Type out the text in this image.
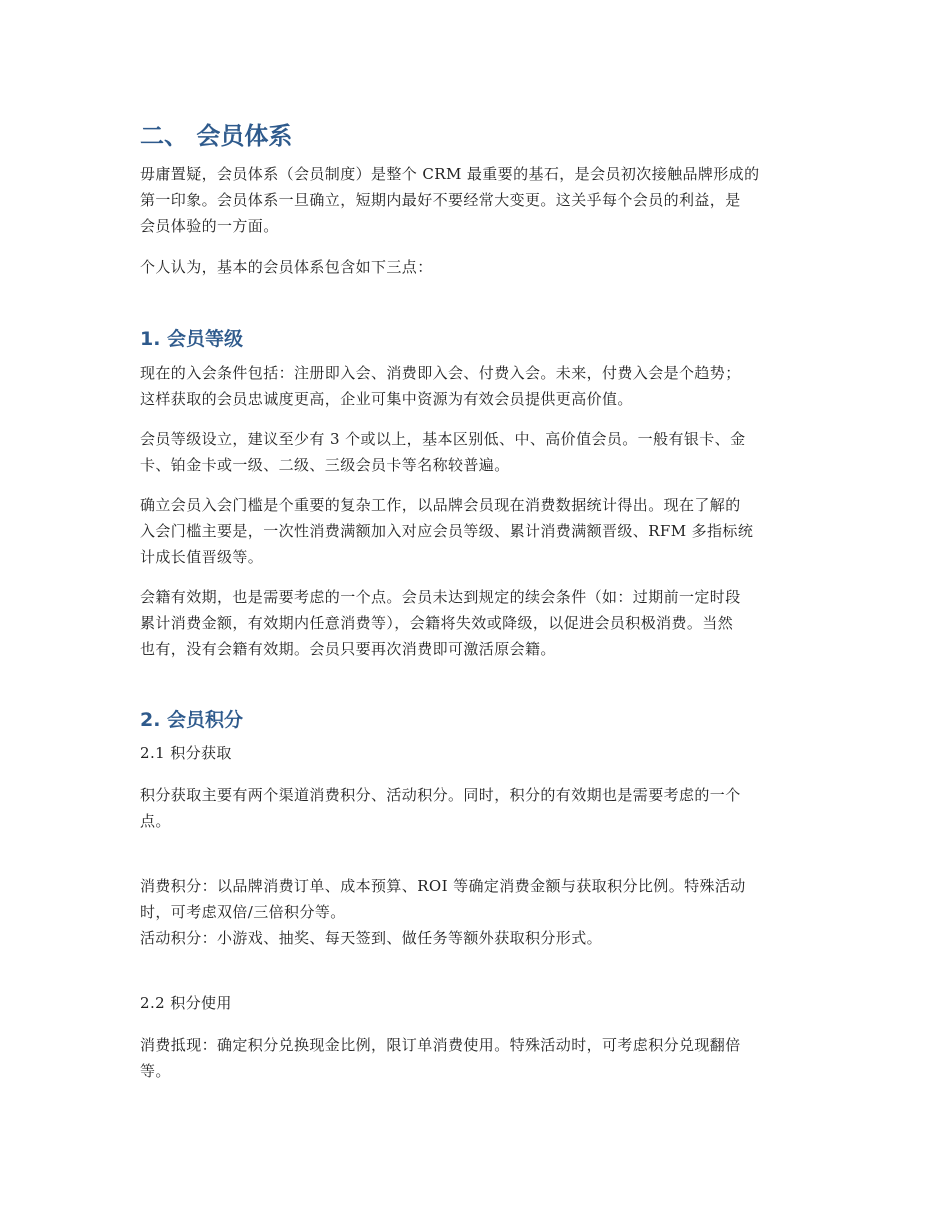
二、 会员体系

毋庸置疑，会员体系（会员制度）是整个 CRM 最重要的基石，是会员初次接触品牌形成的
第一印象。会员体系一旦确立，短期内最好不要经常大变更。这关乎每个会员的利益，是
会员体验的一方面。

个人认为，基本的会员体系包含如下三点：

1. 会员等级

现在的入会条件包括：注册即入会、消费即入会、付费入会。未来，付费入会是个趋势；
这样获取的会员忠诚度更高，企业可集中资源为有效会员提供更高价值。

会员等级设立，建议至少有 3 个或以上，基本区别低、中、高价值会员。一般有银卡、金
卡、铂金卡或一级、二级、三级会员卡等名称较普遍。

确立会员入会门槛是个重要的复杂工作，以品牌会员现在消费数据统计得出。现在了解的
入会门槛主要是，一次性消费满额加入对应会员等级、累计消费满额晋级、RFM 多指标统
计成长值晋级等。

会籍有效期，也是需要考虑的一个点。会员未达到规定的续会条件（如：过期前一定时段
累计消费金额，有效期内任意消费等），会籍将失效或降级，以促进会员积极消费。当然
也有，没有会籍有效期。会员只要再次消费即可激活原会籍。

2. 会员积分

2.1 积分获取

积分获取主要有两个渠道消费积分、活动积分。同时，积分的有效期也是需要考虑的一个
点。

消费积分：以品牌消费订单、成本预算、ROI 等确定消费金额与获取积分比例。特殊活动
时，可考虑双倍/三倍积分等。
活动积分：小游戏、抽奖、每天签到、做任务等额外获取积分形式。

2.2 积分使用

消费抵现：确定积分兑换现金比例，限订单消费使用。特殊活动时，可考虑积分兑现翻倍
等。
